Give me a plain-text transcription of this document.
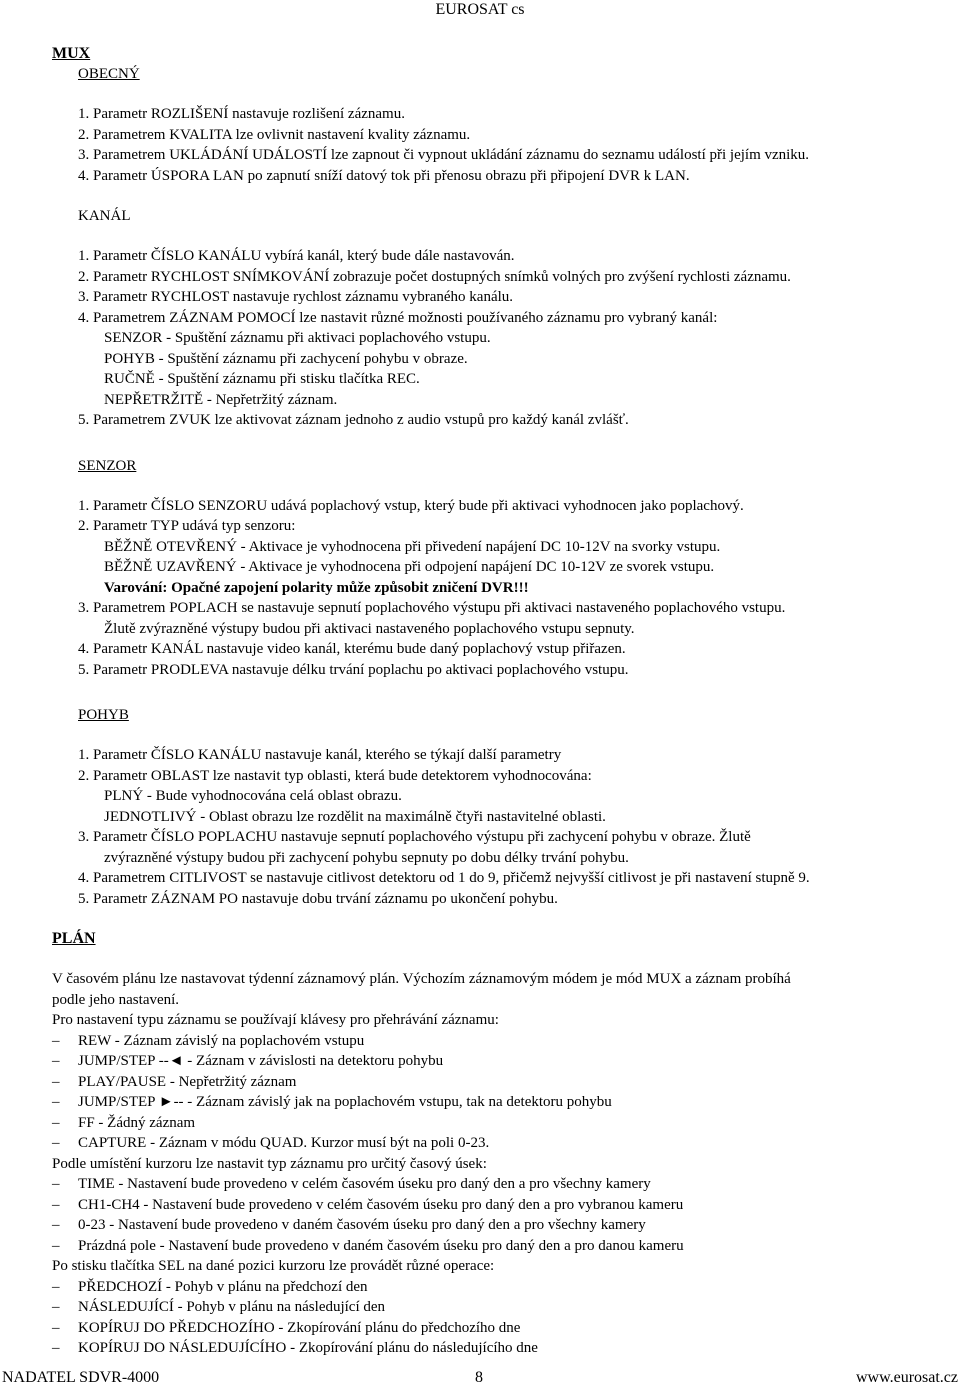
EUROSAT cs
MUX
OBECNÝ
1. Parametr ROZLIŠENÍ nastavuje rozlišení záznamu.
2. Parametrem KVALITA lze ovlivnit nastavení kvality záznamu.
3. Parametrem UKLÁDÁNÍ UDÁLOSTÍ lze zapnout či vypnout ukládání záznamu do seznamu událostí při jejím vzniku.
4. Parametr ÚSPORA LAN po zapnutí sníží datový tok při přenosu obrazu při připojení DVR k LAN.
KANÁL
1. Parametr ČÍSLO KANÁLU vybírá kanál, který bude dále nastavován.
2. Parametr RYCHLOST SNÍMKOVÁNÍ zobrazuje počet dostupných snímků volných pro zvýšení rychlosti záznamu.
3. Parametr RYCHLOST nastavuje rychlost záznamu vybraného kanálu.
4. Parametrem ZÁZNAM POMOCÍ lze nastavit různé možnosti používaného záznamu pro vybraný kanál:
SENZOR - Spuštění záznamu při aktivaci poplachového vstupu.
POHYB - Spuštění záznamu při zachycení pohybu v obraze.
RUČNĚ - Spuštění záznamu při stisku tlačítka REC.
NEPŘETRŽITĚ - Nepřetržitý záznam.
5. Parametrem ZVUK lze aktivovat záznam jednoho z audio vstupů pro každý kanál zvlášť.
SENZOR
1. Parametr ČÍSLO SENZORU udává poplachový vstup, který bude při aktivaci vyhodnocen jako poplachový.
2. Parametr TYP udává typ senzoru:
BĚŽNĚ OTEVŘENÝ - Aktivace je vyhodnocena při přivedení napájení DC 10-12V na svorky vstupu.
BĚŽNĚ UZAVŘENÝ - Aktivace je vyhodnocena při odpojení napájení DC 10-12V ze svorek vstupu.
Varování: Opačné zapojení polarity může způsobit zničení DVR!!!
3. Parametrem POPLACH se nastavuje sepnutí poplachového výstupu při aktivaci nastaveného poplachového vstupu.
Žlutě zvýrazněné výstupy budou při aktivaci nastaveného poplachového vstupu sepnuty.
4. Parametr KANÁL nastavuje video kanál, kterému bude daný poplachový vstup přiřazen.
5. Parametr PRODLEVA nastavuje délku trvání poplachu po aktivaci poplachového vstupu.
POHYB
1. Parametr ČÍSLO KANÁLU nastavuje kanál, kterého se týkají další parametry
2. Parametr OBLAST lze nastavit typ oblasti, která bude detektorem vyhodnocována:
PLNÝ - Bude vyhodnocována celá oblast obrazu.
JEDNOTLIVÝ - Oblast obrazu lze rozdělit na maximálně čtyři nastavitelné oblasti.
3. Parametr ČÍSLO POPLACHU nastavuje sepnutí poplachového výstupu při zachycení pohybu v obraze. Žlutě
zvýrazněné výstupy budou při zachycení pohybu sepnuty po dobu délky trvání pohybu.
4. Parametrem CITLIVOST se nastavuje citlivost detektoru od 1 do 9, přičemž nejvyšší citlivost je při nastavení stupně 9.
5. Parametr ZÁZNAM PO nastavuje dobu trvání záznamu po ukončení pohybu.
PLÁN
V časovém plánu lze nastavovat týdenní záznamový plán. Výchozím záznamovým módem je mód MUX a záznam probíhá
podle jeho nastavení.
Pro nastavení typu záznamu se používají klávesy pro přehrávání záznamu:
– REW - Záznam závislý na poplachovém vstupu
– JUMP/STEP --◄ - Záznam v závislosti na detektoru pohybu
– PLAY/PAUSE - Nepřetržitý záznam
– JUMP/STEP ►-- - Záznam závislý jak na poplachovém vstupu, tak na detektoru pohybu
– FF - Žádný záznam
– CAPTURE - Záznam v módu QUAD. Kurzor musí být na poli 0-23.
Podle umístění kurzoru lze nastavit typ záznamu pro určitý časový úsek:
– TIME - Nastavení bude provedeno v celém časovém úseku pro daný den a pro všechny kamery
– CH1-CH4 - Nastavení bude provedeno v celém časovém úseku pro daný den a pro vybranou kameru
– 0-23 - Nastavení bude provedeno v daném časovém úseku pro daný den a pro všechny kamery
– Prázdná pole - Nastavení bude provedeno v daném časovém úseku pro daný den a pro danou kameru
Po stisku tlačítka SEL na dané pozici kurzoru lze provádět různé operace:
– PŘEDCHOZÍ - Pohyb v plánu na předchozí den
– NÁSLEDUJÍCÍ - Pohyb v plánu na následující den
– KOPÍRUJ DO PŘEDCHOZÍHO - Zkopírování plánu do předchozího dne
– KOPÍRUJ DO NÁSLEDUJÍCÍHO - Zkopírování plánu do následujícího dne
NADATEL SDVR-4000	8	www.eurosat.cz
